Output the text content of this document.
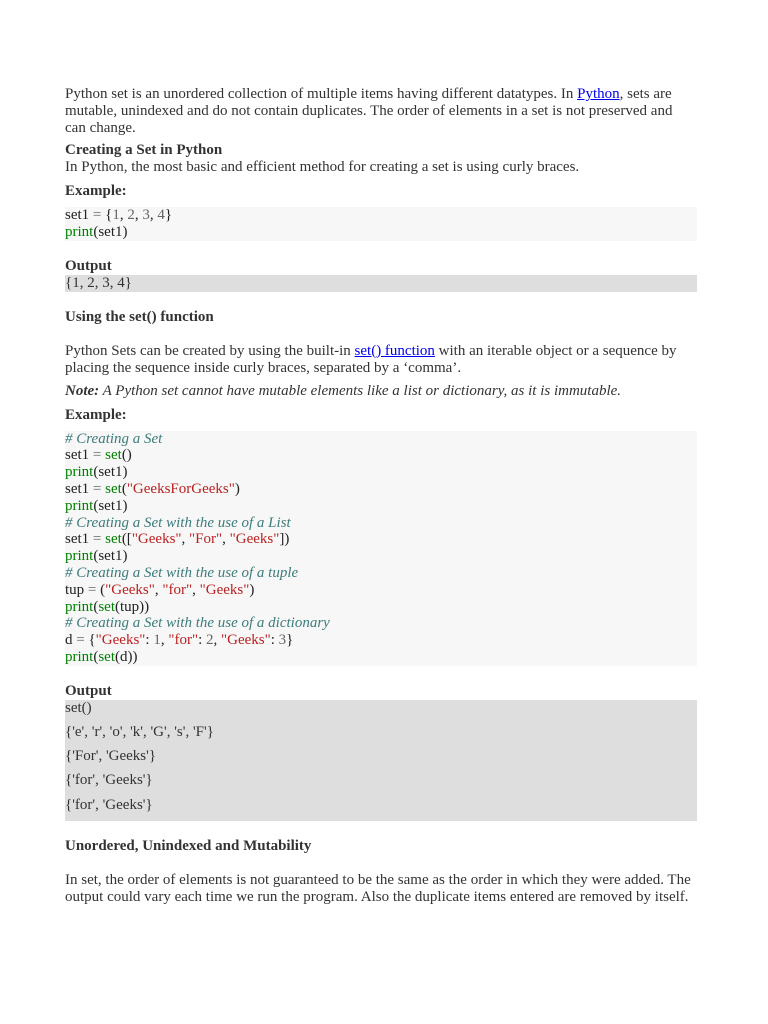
Python set is an unordered collection of multiple items having different datatypes. In Python, sets are mutable, unindexed and do not contain duplicates. The order of elements in a set is not preserved and can change.

Creating a Set in Python

In Python, the most basic and efficient method for creating a set is using curly braces.

Example:
set1 = {1, 2, 3, 4}
print(set1)
Output
{1, 2, 3, 4}
Using the set() function

Python Sets can be created by using the built-in set() function with an iterable object or a sequence by placing the sequence inside curly braces, separated by a ‘comma’.

Note: A Python set cannot have mutable elements like a list or dictionary, as it is immutable.

Example:
# Creating a Set
set1 = set()
print(set1)
set1 = set("GeeksForGeeks")
print(set1)
# Creating a Set with the use of a List
set1 = set(["Geeks", "For", "Geeks"])
print(set1)
# Creating a Set with the use of a tuple
tup = ("Geeks", "for", "Geeks")
print(set(tup))
# Creating a Set with the use of a dictionary
d = {"Geeks": 1, "for": 2, "Geeks": 3}
print(set(d))
Output
set()
{'e', 'r', 'o', 'k', 'G', 's', 'F'}
{'For', 'Geeks'}
{'for', 'Geeks'}
{'for', 'Geeks'}
Unordered, Unindexed and Mutability

In set, the order of elements is not guaranteed to be the same as the order in which they were added. The output could vary each time we run the program. Also the duplicate items entered are removed by itself.
